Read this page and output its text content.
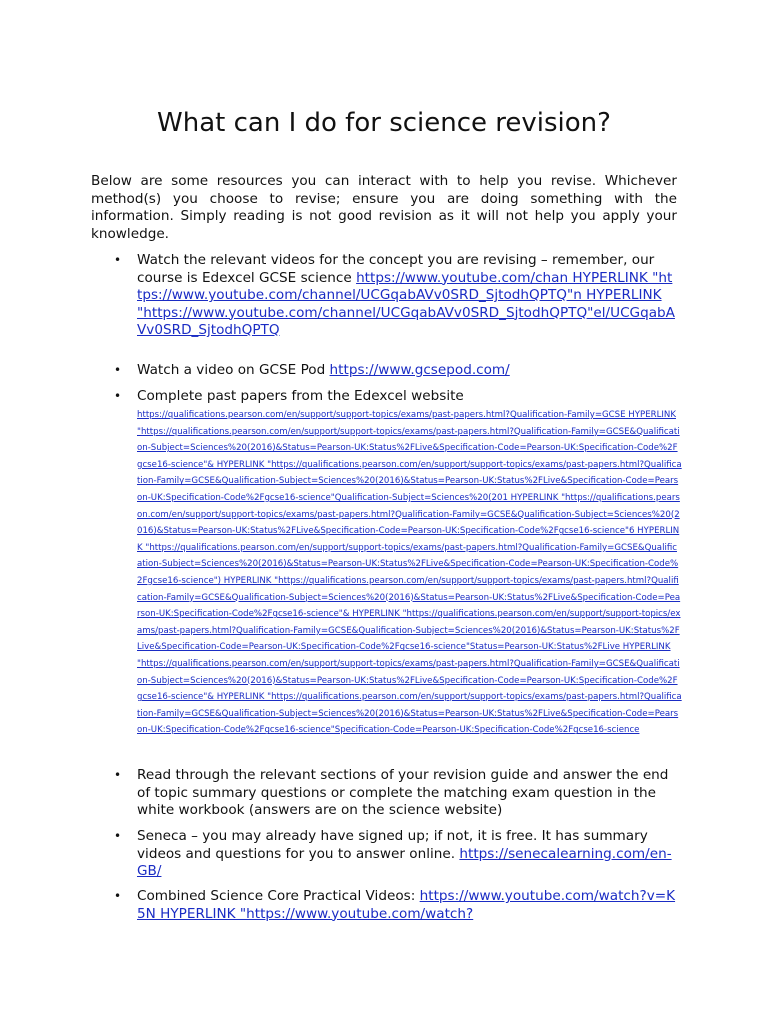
What can I do for science revision?

Below are some resources you can interact with to help you revise. Whichever method(s) you choose to revise; ensure you are doing something with the information. Simply reading is not good revision as it will not help you apply your knowledge.

• Watch the relevant videos for the concept you are revising – remember, our course is Edexcel GCSE science https://www.youtube.com/chan HYPERLINK "https://www.youtube.com/channel/UCGqabAVv0SRD_SjtodhQPTQ"n HYPERLINK "https://www.youtube.com/channel/UCGqabAVv0SRD_SjtodhQPTQ"el/UCGqabAVv0SRD_SjtodhQPTQ
• Watch a video on GCSE Pod https://www.gcsepod.com/
• Complete past papers from the Edexcel website
• Read through the relevant sections of your revision guide and answer the end of topic summary questions or complete the matching exam question in the white workbook (answers are on the science website)
• Seneca – you may already have signed up; if not, it is free. It has summary videos and questions for you to answer online. https://senecalearning.com/en-GB/
• Combined Science Core Practical Videos: https://www.youtube.com/watch?v=K5N HYPERLINK "https://www.youtube.com/watch?

https://qualifications.pearson.com/en/support/support-topics/exams/past-papers.html?Qualification-Family=GCSE HYPERLINK "https://qualifications.pearson.com/en/support/support-topics/exams/past-papers.html?Qualification-Family=GCSE&Qualification-Subject=Sciences%20(2016)&Status=Pearson-UK:Status%2FLive&Specification-Code=Pearson-UK:Specification-Code%2Fgcse16-science"& HYPERLINK "https://qualifications.pearson.com/en/support/support-topics/exams/past-papers.html?Qualification-Family=GCSE&Qualification-Subject=Sciences%20(2016)&Status=Pearson-UK:Status%2FLive&Specification-Code=Pearson-UK:Specification-Code%2Fgcse16-science"Qualification-Subject=Sciences%20(201 HYPERLINK "https://qualifications.pearson.com/en/support/support-topics/exams/past-papers.html?Qualification-Family=GCSE&Qualification-Subject=Sciences%20(2016)&Status=Pearson-UK:Status%2FLive&Specification-Code=Pearson-UK:Specification-Code%2Fgcse16-science"6 HYPERLINK "https://qualifications.pearson.com/en/support/support-topics/exams/past-papers.html?Qualification-Family=GCSE&Qualification-Subject=Sciences%20(2016)&Status=Pearson-UK:Status%2FLive&Specification-Code=Pearson-UK:Specification-Code%2Fgcse16-science") HYPERLINK "https://qualifications.pearson.com/en/support/support-topics/exams/past-papers.html?Qualification-Family=GCSE&Qualification-Subject=Sciences%20(2016)&Status=Pearson-UK:Status%2FLive&Specification-Code=Pearson-UK:Specification-Code%2Fgcse16-science"& HYPERLINK "https://qualifications.pearson.com/en/support/support-topics/exams/past-papers.html?Qualification-Family=GCSE&Qualification-Subject=Sciences%20(2016)&Status=Pearson-UK:Status%2FLive&Specification-Code=Pearson-UK:Specification-Code%2Fgcse16-science"Status=Pearson-UK:Status%2FLive HYPERLINK "https://qualifications.pearson.com/en/support/support-topics/exams/past-papers.html?Qualification-Family=GCSE&Qualification-Subject=Sciences%20(2016)&Status=Pearson-UK:Status%2FLive&Specification-Code=Pearson-UK:Specification-Code%2Fgcse16-science"& HYPERLINK "https://qualifications.pearson.com/en/support/support-topics/exams/past-papers.html?Qualification-Family=GCSE&Qualification-Subject=Sciences%20(2016)&Status=Pearson-UK:Status%2FLive&Specification-Code=Pearson-UK:Specification-Code%2Fgcse16-science"Specification-Code=Pearson-UK:Specification-Code%2Fgcse16-science
